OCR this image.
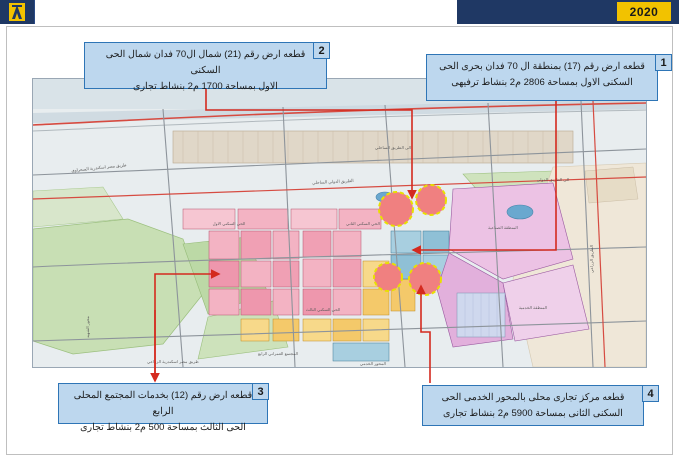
2020
طريق مصر اسكندرية الصحراوي
الطريق الدولي الساحلي	الى الطريق الدولي
الى الطريق الساحلي
الطريق الزراعي
محور الشهيد
المجتمع العمراني الرابع
طريق مصر اسكندرية الزراعي	المحور الخدمي
الحي السكني الاول	الحي السكني الثاني
الحي السكني الثالث
المنطقة الصناعية
المنطقة الخدمية
قطعه ارض رقم (21) شمال ال70 فدان شمال الحى السكنى
الاول بمساحة 1700 م2 بنشاط تجارى
2
قطعه ارض رقم (17) بمنطقة ال 70 فدان بحرى الحى
السكنى الاول بمساحة 2806 م2 بنشاط ترفيهى
1
قطعه ارض رقم (12) بخدمات المجتمع المحلى الرابع
الحى الثالث بمساحة 500 م2 بنشاط تجارى
3	قطعه مركز تجارى محلى بالمحور الخدمى الحى
السكنى الثانى بمساحة 5900 م2 بنشاط تجارى
4
